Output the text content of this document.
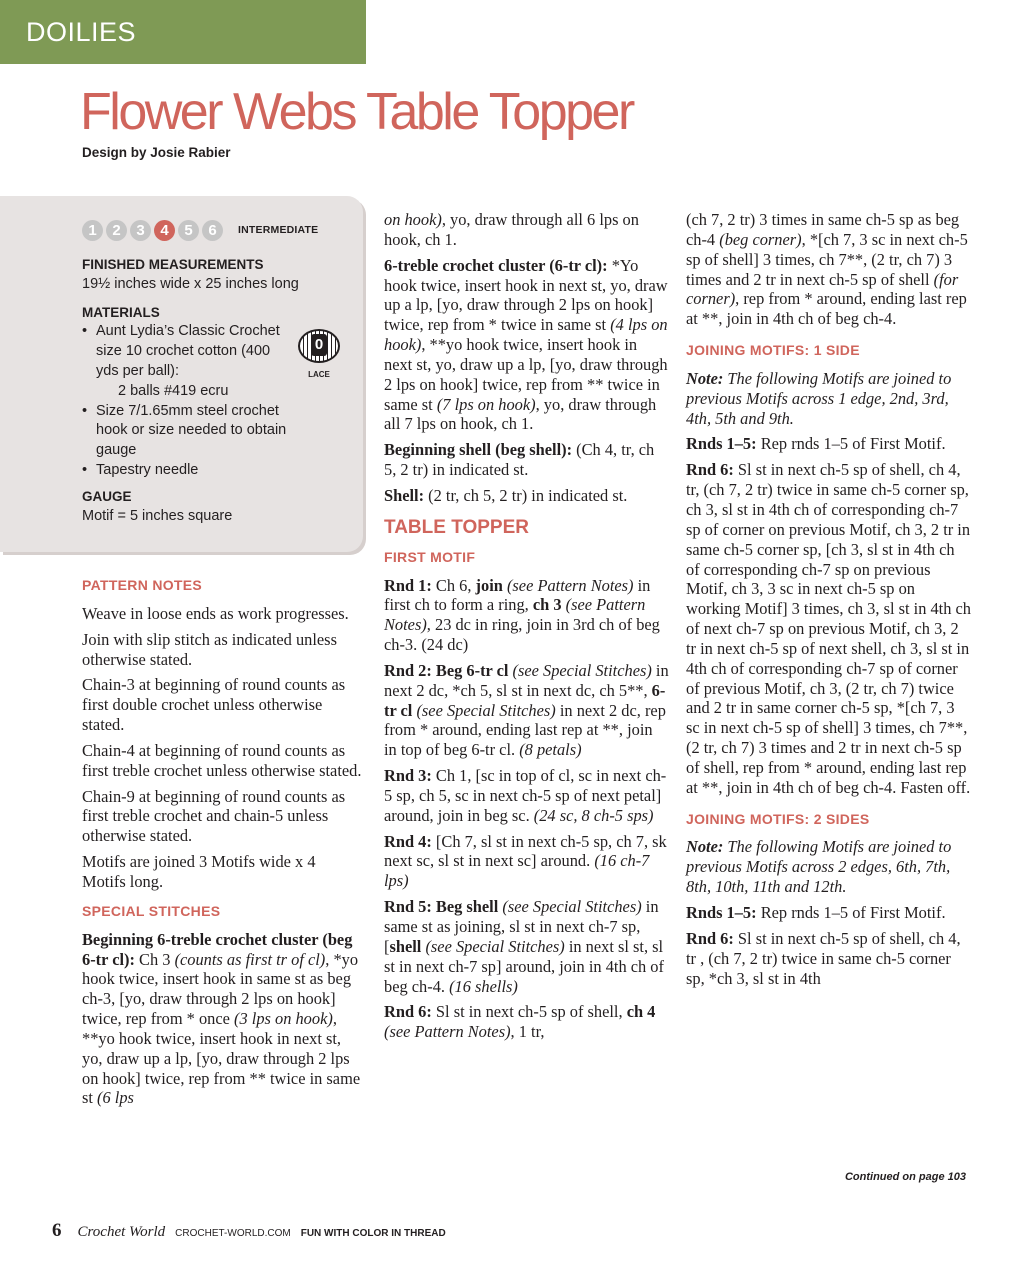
DOILIES
Flower Webs Table Topper
Design by Josie Rabier
1	2	3	4	5	6	INTERMEDIATE
FINISHED MEASUREMENTS
19½ inches wide x 25 inches long
MATERIALS
• Aunt Lydia’s Classic Crochet size 10 crochet cotton (400 yds per ball):
2 balls #419 ecru
• Size 7/1.65mm steel crochet hook or size needed to obtain gauge
• Tapestry needle
GAUGE
Motif = 5 inches square
0
LACE
PATTERN NOTES

Weave in loose ends as work progresses.

Join with slip stitch as indicated unless otherwise stated.

Chain-3 at beginning of round counts as first double crochet unless otherwise stated.

Chain-4 at beginning of round counts as first treble crochet unless otherwise stated.

Chain-9 at beginning of round counts as first treble crochet and chain-5 unless otherwise stated.

Motifs are joined 3 Motifs wide x 4 Motifs long.

SPECIAL STITCHES

Beginning 6-treble crochet cluster (beg 6-tr cl): Ch 3 (counts as first tr of cl), *yo hook twice, insert hook in same st as beg ch-3, [yo, draw through 2 lps on hook] twice, rep from * once (3 lps on hook), **yo hook twice, insert hook in next st, yo, draw up a lp, [yo, draw through 2 lps on hook] twice, rep from ** twice in same st (6 lps

on hook), yo, draw through all 6 lps on hook, ch 1.

6-treble crochet cluster (6-tr cl): *Yo hook twice, insert hook in next st, yo, draw up a lp, [yo, draw through 2 lps on hook] twice, rep from * twice in same st (4 lps on hook), **yo hook twice, insert hook in next st, yo, draw up a lp, [yo, draw through 2 lps on hook] twice, rep from ** twice in same st (7 lps on hook), yo, draw through all 7 lps on hook, ch 1.

Beginning shell (beg shell): (Ch 4, tr, ch 5, 2 tr) in indicated st.

Shell: (2 tr, ch 5, 2 tr) in indicated st.

TABLE TOPPER
FIRST MOTIF

Rnd 1: Ch 6, join (see Pattern Notes) in first ch to form a ring, ch 3 (see Pattern Notes), 23 dc in ring, join in 3rd ch of beg ch-3. (24 dc)

Rnd 2: Beg 6-tr cl (see Special Stitches) in next 2 dc, *ch 5, sl st in next dc, ch 5**, 6-tr cl (see Special Stitches) in next 2 dc, rep from * around, ending last rep at **, join in top of beg 6-tr cl. (8 petals)

Rnd 3: Ch 1, [sc in top of cl, sc in next ch-5 sp, ch 5, sc in next ch-5 sp of next petal] around, join in beg sc. (24 sc, 8 ch-5 sps)

Rnd 4: [Ch 7, sl st in next ch-5 sp, ch 7, sk next sc, sl st in next sc] around. (16 ch-7 lps)

Rnd 5: Beg shell (see Special Stitches) in same st as joining, sl st in next ch-7 sp, [shell (see Special Stitches) in next sl st, sl st in next ch-7 sp] around, join in 4th ch of beg ch-4. (16 shells)

Rnd 6: Sl st in next ch-5 sp of shell, ch 4 (see Pattern Notes), 1 tr,

(ch 7, 2 tr) 3 times in same ch-5 sp as beg ch-4 (beg corner), *[ch 7, 3 sc in next ch-5 sp of shell] 3 times, ch 7**, (2 tr, ch 7) 3 times and 2 tr in next ch-5 sp of shell (for corner), rep from * around, ending last rep at **, join in 4th ch of beg ch-4.

JOINING MOTIFS: 1 SIDE

Note: The following Motifs are joined to previous Motifs across 1 edge, 2nd, 3rd, 4th, 5th and 9th.

Rnds 1–5: Rep rnds 1–5 of First Motif.

Rnd 6: Sl st in next ch-5 sp of shell, ch 4, tr, (ch 7, 2 tr) twice in same ch-5 corner sp, ch 3, sl st in 4th ch of corresponding ch-7 sp of corner on previous Motif, ch 3, 2 tr in same ch-5 corner sp, [ch 3, sl st in 4th ch of corresponding ch-7 sp on previous Motif, ch 3, 3 sc in next ch-5 sp on working Motif] 3 times, ch 3, sl st in 4th ch of next ch-7 sp on previous Motif, ch 3, 2 tr in next ch-5 sp of next shell, ch 3, sl st in 4th ch of corresponding ch-7 sp of corner of previous Motif, ch 3, (2 tr, ch 7) twice and 2 tr in same corner ch-5 sp, *[ch 7, 3 sc in next ch-5 sp of shell] 3 times, ch 7**, (2 tr, ch 7) 3 times and 2 tr in next ch-5 sp of shell, rep from * around, ending last rep at **, join in 4th ch of beg ch-4. Fasten off.

JOINING MOTIFS: 2 SIDES

Note: The following Motifs are joined to previous Motifs across 2 edges, 6th, 7th, 8th, 10th, 11th and 12th.

Rnds 1–5: Rep rnds 1–5 of First Motif.

Rnd 6: Sl st in next ch-5 sp of shell, ch 4, tr , (ch 7, 2 tr) twice in same ch-5 corner sp, *ch 3, sl st in 4th

Continued on page 103
6 Crochet World CROCHET-WORLD.COM FUN WITH COLOR IN THREAD
